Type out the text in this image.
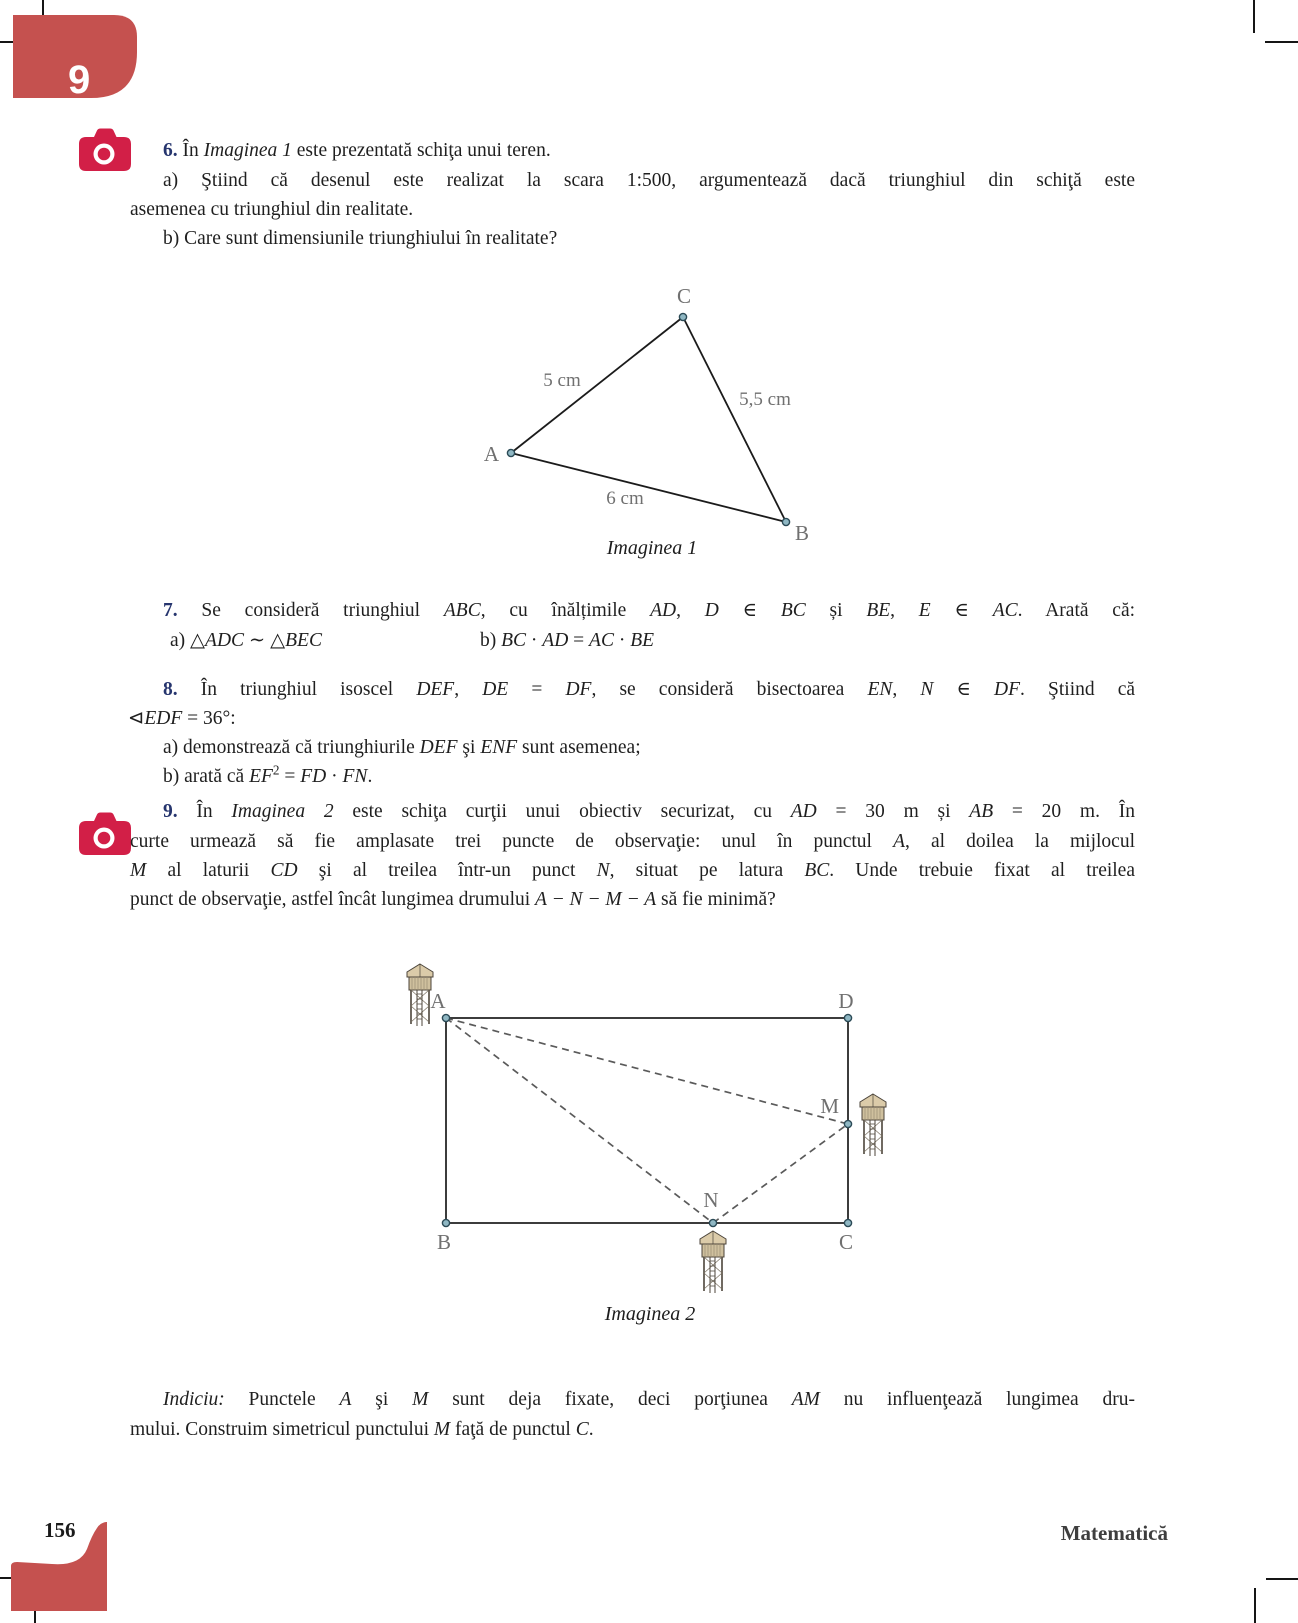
9
6. În Imaginea 1 este prezentată schiţa unui teren.
a) Ştiind că desenul este realizat la scara 1:500, argumentează dacă triunghiul din schiţă este
asemenea cu triunghiul din realitate.
b) Care sunt dimensiunile triunghiului în realitate?
A
C
B
5 cm
5,5 cm
6 cm
Imaginea 1
7. Se consideră triunghiul ABC, cu înălțimile AD, D ∈ BC și BE, E ∈ AC. Arată că:
a) △ADC ∼ △BEC	b) BC · AD = AC · BE
8. În triunghiul isoscel DEF, DE = DF, se consideră bisectoarea EN, N ∈ DF. Ştiind că
⊲EDF = 36°:
a) demonstrează că triunghiurile DEF şi ENF sunt asemenea;
b) arată că $EF^2$ = FD · FN.
9. În Imaginea 2 este schiţa curţii unui obiectiv securizat, cu AD = 30 m și AB = 20 m. În
curte urmează să fie amplasate trei puncte de observaţie: unul în punctul A, al doilea la mijlocul
M al laturii CD şi al treilea într-un punct N, situat pe latura BC. Unde trebuie fixat al treilea
punct de observaţie, astfel încât lungimea drumului A − N − M − A să fie minimă?
A	D
B	C
M
N
Imaginea 2
Indiciu: Punctele A şi M sunt deja fixate, deci porţiunea AM nu influenţează lungimea dru-
mului. Construim simetricul punctului M faţă de punctul C.
156	Matematică
